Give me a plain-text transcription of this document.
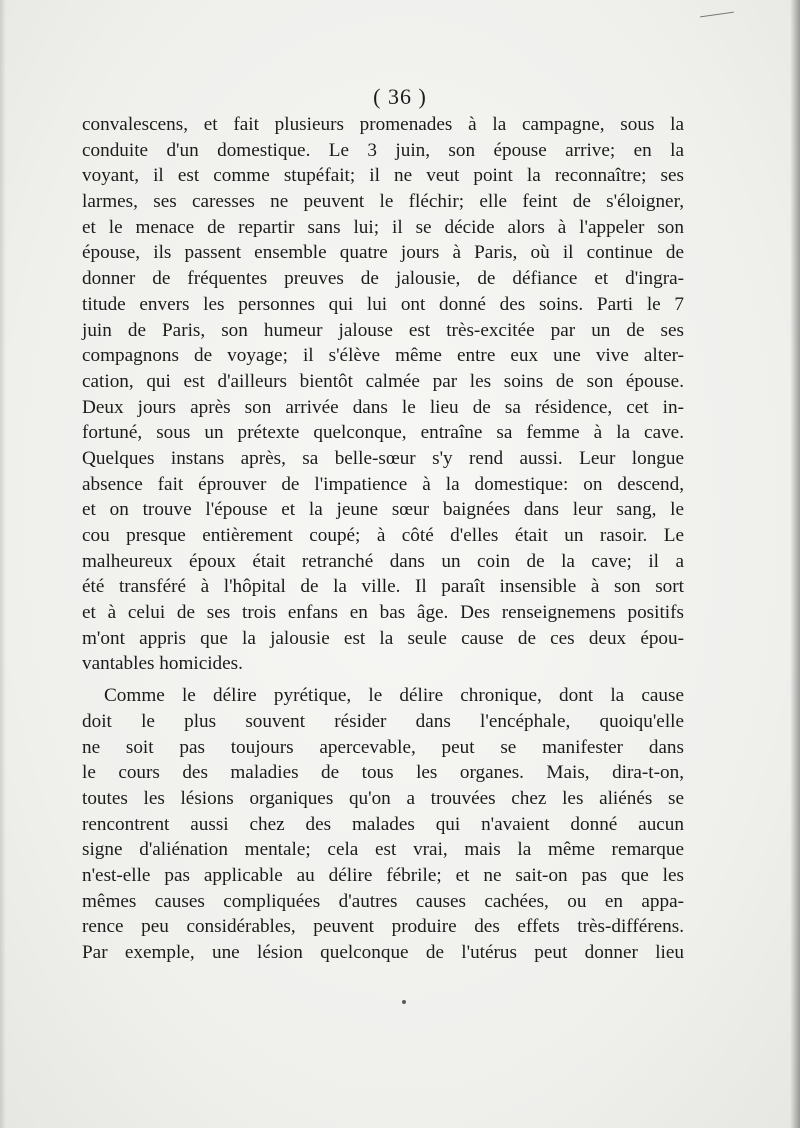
( 36 )
convalescens, et fait plusieurs promenades à la campagne, sous la
conduite d'un domestique. Le 3 juin, son épouse arrive; en la
voyant, il est comme stupéfait; il ne veut point la reconnaître; ses
larmes, ses caresses ne peuvent le fléchir; elle feint de s'éloigner,
et le menace de repartir sans lui; il se décide alors à l'appeler son
épouse, ils passent ensemble quatre jours à Paris, où il continue de
donner de fréquentes preuves de jalousie, de défiance et d'ingra-
titude envers les personnes qui lui ont donné des soins. Parti le 7
juin de Paris, son humeur jalouse est très-excitée par un de ses
compagnons de voyage; il s'élève même entre eux une vive alter-
cation, qui est d'ailleurs bientôt calmée par les soins de son épouse.
Deux jours après son arrivée dans le lieu de sa résidence, cet in-
fortuné, sous un prétexte quelconque, entraîne sa femme à la cave.
Quelques instans après, sa belle-sœur s'y rend aussi. Leur longue
absence fait éprouver de l'impatience à la domestique: on descend,
et on trouve l'épouse et la jeune sœur baignées dans leur sang, le
cou presque entièrement coupé; à côté d'elles était un rasoir. Le
malheureux époux était retranché dans un coin de la cave; il a
été transféré à l'hôpital de la ville. Il paraît insensible à son sort
et à celui de ses trois enfans en bas âge. Des renseignemens positifs
m'ont appris que la jalousie est la seule cause de ces deux épou-
vantables homicides.
Comme le délire pyrétique, le délire chronique, dont la cause
doit le plus souvent résider dans l'encéphale, quoiqu'elle
ne soit pas toujours apercevable, peut se manifester dans
le cours des maladies de tous les organes. Mais, dira-t-on,
toutes les lésions organiques qu'on a trouvées chez les aliénés se
rencontrent aussi chez des malades qui n'avaient donné aucun
signe d'aliénation mentale; cela est vrai, mais la même remarque
n'est-elle pas applicable au délire fébrile; et ne sait-on pas que les
mêmes causes compliquées d'autres causes cachées, ou en appa-
rence peu considérables, peuvent produire des effets très-différens.
Par exemple, une lésion quelconque de l'utérus peut donner lieu
